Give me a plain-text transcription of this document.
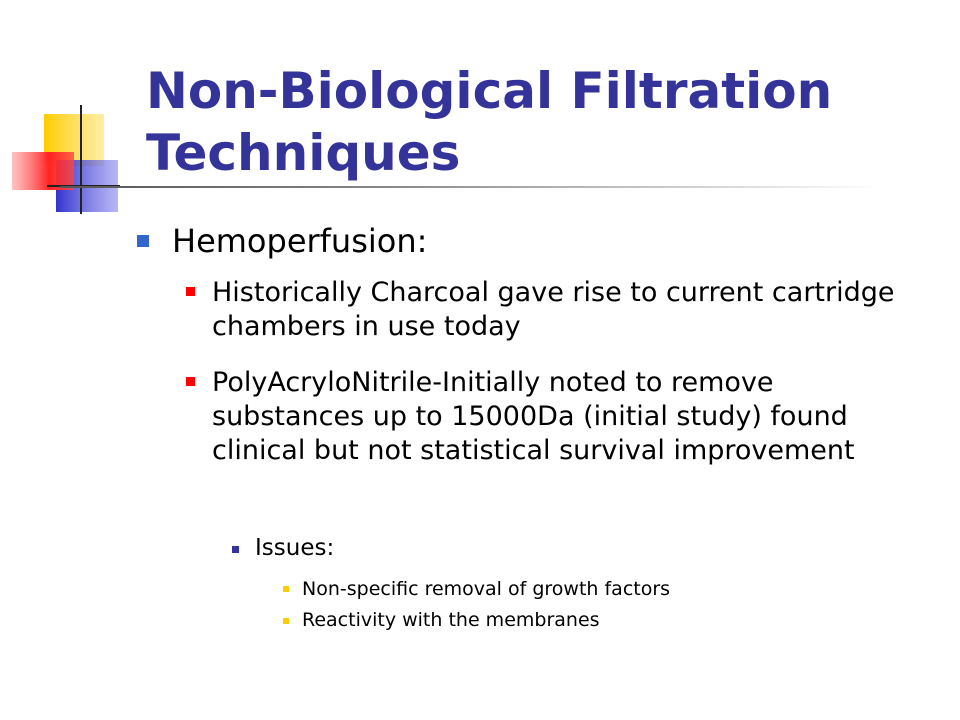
Non-Biological Filtration Techniques
Hemoperfusion:
Historically Charcoal gave rise to current cartridge chambers in use today
PolyAcryloNitrile-Initially noted to remove substances up to 15000Da (initial study) found clinical but not statistical survival improvement
Issues:
Non-specific removal of growth factors
Reactivity with the membranes
